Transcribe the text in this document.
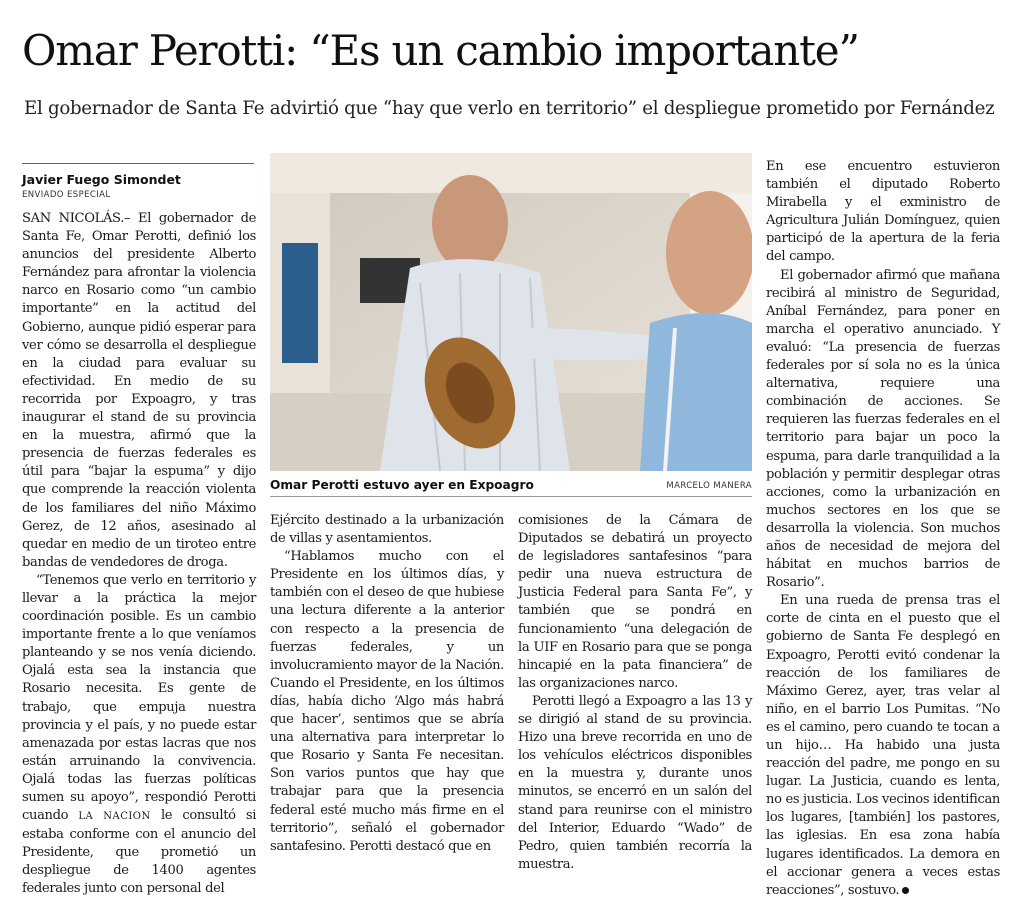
Omar Perotti: “Es un cambio importante”
El gobernador de Santa Fe advirtió que “hay que verlo en territorio” el despliegue prometido por Fernández
Javier Fuego Simondet
ENVIADO ESPECIAL

SAN NICOLÁS.– El gobernador de Santa Fe, Omar Perotti, definió los anuncios del presidente Alberto Fernández para afrontar la violencia narco en Rosario como “un cambio importante” en la actitud del Gobierno, aunque pidió esperar para ver cómo se desarrolla el despliegue en la ciudad para evaluar su efectividad. En medio de su recorrida por Expoagro, y tras inaugurar el stand de su provincia en la muestra, afirmó que la presencia de fuerzas federales es útil para “bajar la espuma” y dijo que comprende la reacción violenta de los familiares del niño Máximo Gerez, de 12 años, asesinado al quedar en medio de un tiroteo entre bandas de vendedores de droga.

“Tenemos que verlo en territorio y llevar a la práctica la mejor coordinación posible. Es un cambio importante frente a lo que veníamos planteando y se nos venía diciendo. Ojalá esta sea la instancia que Rosario necesita. Es gente de trabajo, que empuja nuestra provincia y el país, y no puede estar amenazada por estas lacras que nos están arruinando la convivencia. Ojalá todas las fuerzas políticas sumen su apoyo”, respondió Perotti cuando LA NACION le consultó si estaba conforme con el anuncio del Presidente, que prometió un despliegue de 1400 agentes federales junto con personal del

Omar Perotti estuvo ayer en Expoagro	MARCELO MANERA

Ejército destinado a la urbanización de villas y asentamientos.

“Hablamos mucho con el Presidente en los últimos días, y también con el deseo de que hubiese una lectura diferente a la anterior con respecto a la presencia de fuerzas federales, y un involucramiento mayor de la Nación. Cuando el Presidente, en los últimos días, había dicho ‘Algo más habrá que hacer’, sentimos que se abría una alternativa para interpretar lo que Rosario y Santa Fe necesitan. Son varios puntos que hay que trabajar para que la presencia federal esté mucho más firme en el territorio”, señaló el gobernador santafesino. Perotti destacó que en

comisiones de la Cámara de Diputados se debatirá un proyecto de legisladores santafesinos “para pedir una nueva estructura de Justicia Federal para Santa Fe”, y también que se pondrá en funcionamiento “una delegación de la UIF en Rosario para que se ponga hincapié en la pata financiera” de las organizaciones narco.

Perotti llegó a Expoagro a las 13 y se dirigió al stand de su provincia. Hizo una breve recorrida en uno de los vehículos eléctricos disponibles en la muestra y, durante unos minutos, se encerró en un salón del stand para reunirse con el ministro del Interior, Eduardo “Wado” de Pedro, quien también recorría la muestra.

En ese encuentro estuvieron también el diputado Roberto Mirabella y el exministro de Agricultura Julián Domínguez, quien participó de la apertura de la feria del campo.

El gobernador afirmó que mañana recibirá al ministro de Seguridad, Aníbal Fernández, para poner en marcha el operativo anunciado. Y evaluó: “La presencia de fuerzas federales por sí sola no es la única alternativa, requiere una combinación de acciones. Se requieren las fuerzas federales en el territorio para bajar un poco la espuma, para darle tranquilidad a la población y permitir desplegar otras acciones, como la urbanización en muchos sectores en los que se desarrolla la violencia. Son muchos años de necesidad de mejora del hábitat en muchos barrios de Rosario”.

En una rueda de prensa tras el corte de cinta en el puesto que el gobierno de Santa Fe desplegó en Expoagro, Perotti evitó condenar la reacción de los familiares de Máximo Gerez, ayer, tras velar al niño, en el barrio Los Pumitas. “No es el camino, pero cuando te tocan a un hijo… Ha habido una justa reacción del padre, me pongo en su lugar. La Justicia, cuando es lenta, no es justicia. Los vecinos identifican los lugares, [también] los pastores, las iglesias. En esa zona había lugares identificados. La demora en el accionar genera a veces estas reacciones”, sostuvo.
